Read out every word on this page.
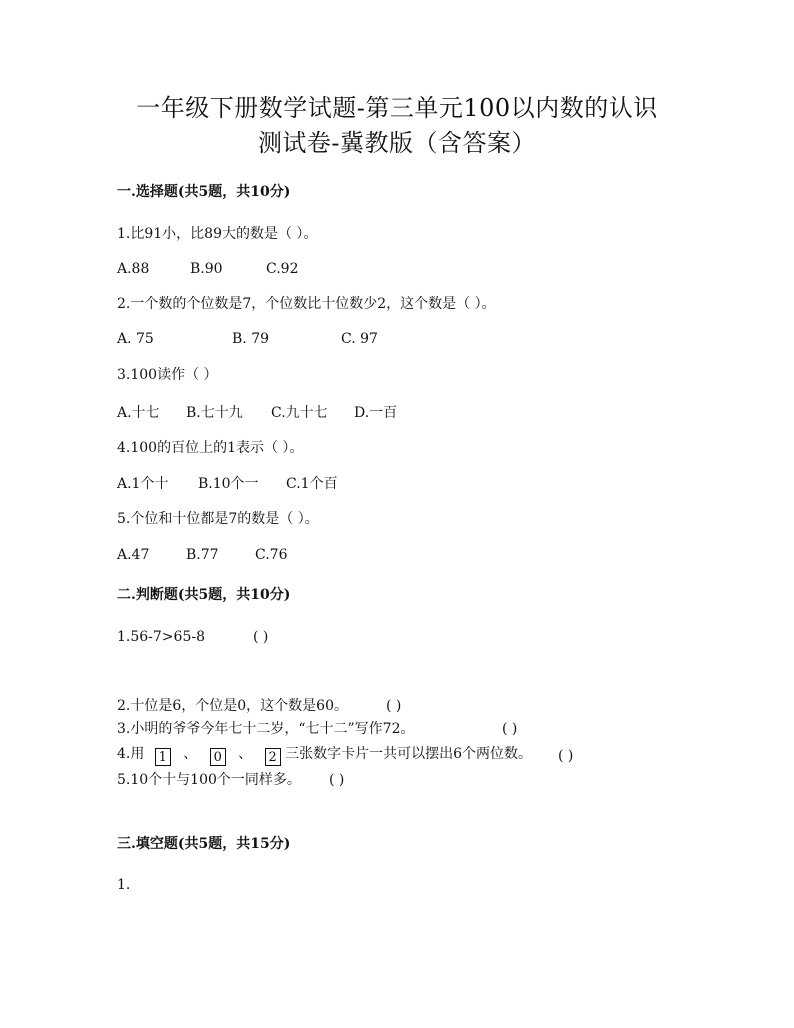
一年级下册数学试题-第三单元100以内数的认识
测试卷-冀教版（含答案）
一.选择题(共5题，共10分)
1.比91小，比89大的数是（ ）。
A.88	B.90	C.92
2.一个数的个位数是7，个位数比十位数少2，这个数是（ ）。
A. 75	B. 79	C. 97
3.100读作（ ）
A.十七 B.七十九 C.九十七 D.一百
4.100的百位上的1表示（ ）。
A.1个十 B.10个一 C.1个百
5.个位和十位都是7的数是（ ）。
A.47	B.77	C.76
二.判断题(共5题，共10分)
1.56-7>65-8	( )
2.十位是6，个位是0，这个数是60。	( )
3.小明的爷爷今年七十二岁，“七十二”写作72。	( )
4.用 1 、 0 、 2 三张数字卡片一共可以摆出6个两位数。 ( )
5.10个十与100个一同样多。 ( )
三.填空题(共5题，共15分)
1.
